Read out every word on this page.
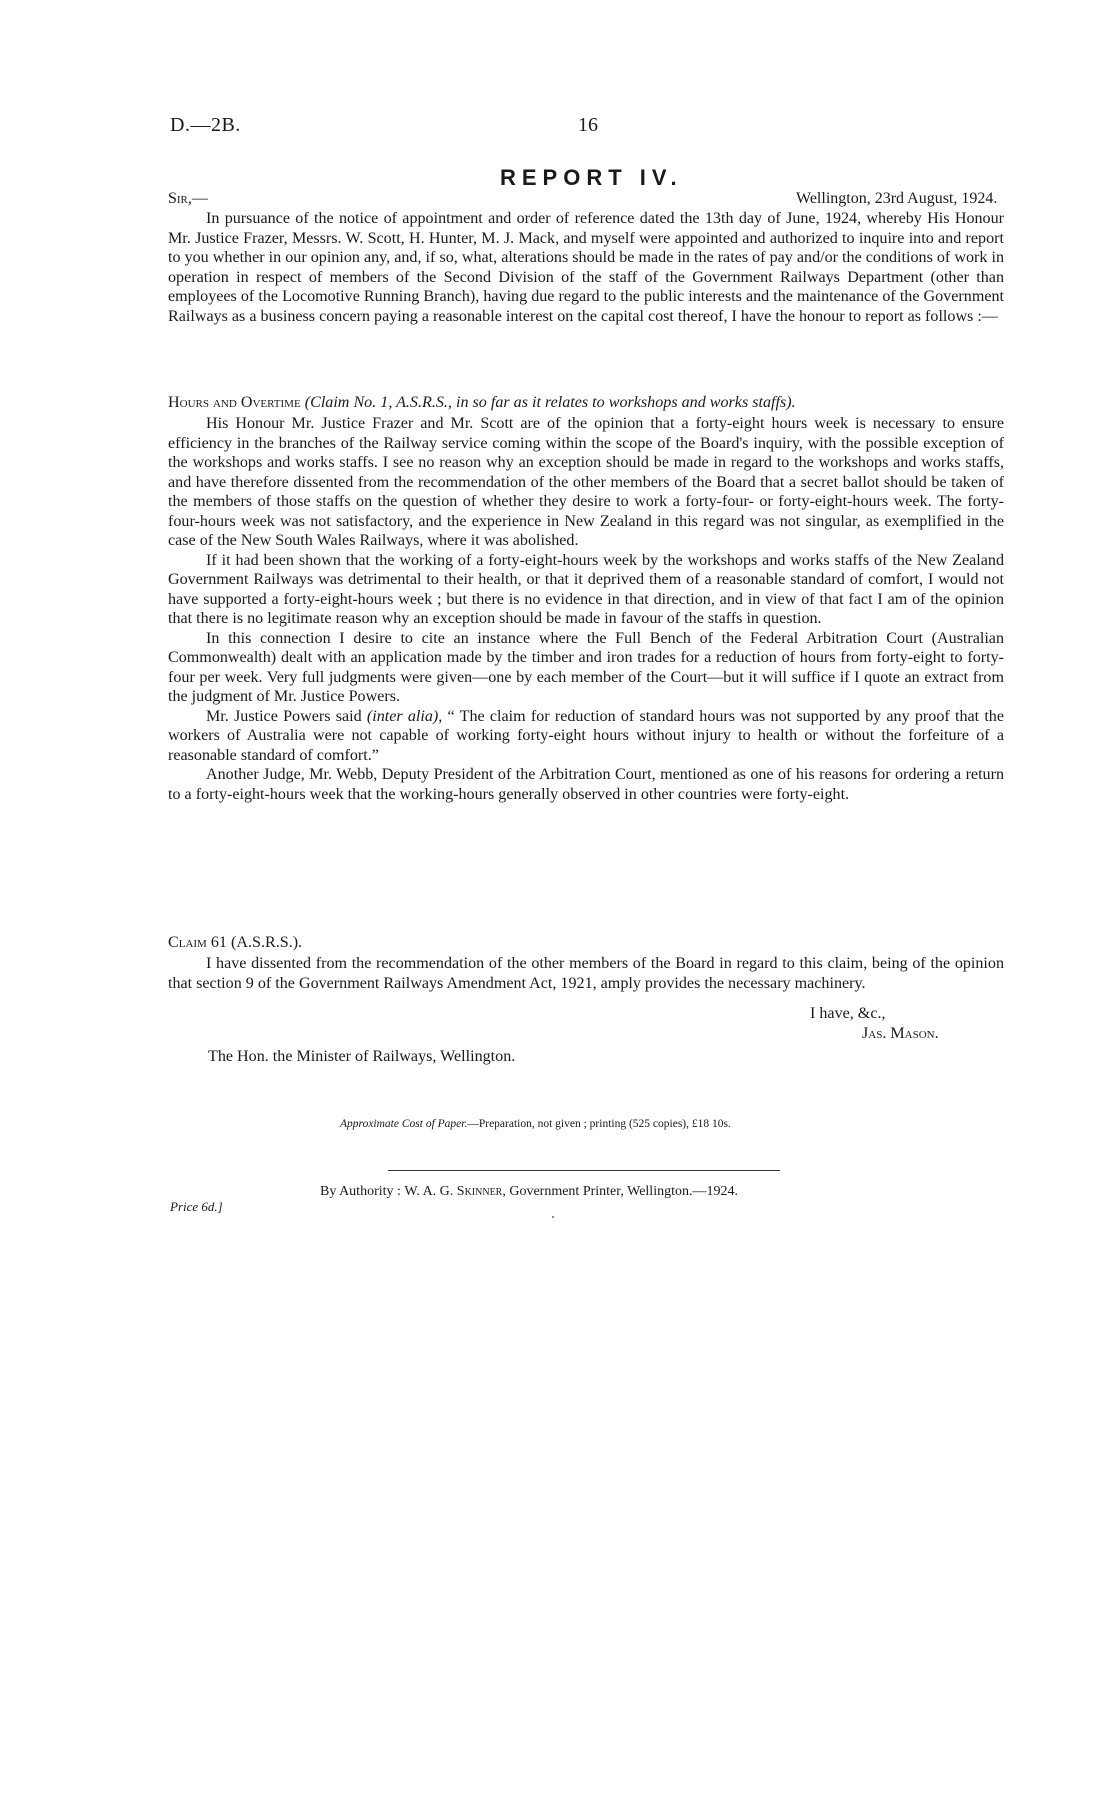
D.—2B.	16
REPORT IV.
Sir,—	Wellington, 23rd August, 1924.

In pursuance of the notice of appointment and order of reference dated the 13th day of June, 1924, whereby His Honour Mr. Justice Frazer, Messrs. W. Scott, H. Hunter, M. J. Mack, and myself were appointed and authorized to inquire into and report to you whether in our opinion any, and, if so, what, alterations should be made in the rates of pay and/or the conditions of work in operation in respect of members of the Second Division of the staff of the Government Railways Department (other than employees of the Locomotive Running Branch), having due regard to the public interests and the maintenance of the Government Railways as a business concern paying a reasonable interest on the capital cost thereof, I have the honour to report as follows :—

Hours and Overtime (Claim No. 1, A.S.R.S., in so far as it relates to workshops and works staffs).

His Honour Mr. Justice Frazer and Mr. Scott are of the opinion that a forty-eight hours week is necessary to ensure efficiency in the branches of the Railway service coming within the scope of the Board's inquiry, with the possible exception of the workshops and works staffs. I see no reason why an exception should be made in regard to the workshops and works staffs, and have therefore dissented from the recommendation of the other members of the Board that a secret ballot should be taken of the members of those staffs on the question of whether they desire to work a forty-four- or forty-eight-hours week. The forty-four-hours week was not satisfactory, and the experience in New Zealand in this regard was not singular, as exemplified in the case of the New South Wales Railways, where it was abolished.

If it had been shown that the working of a forty-eight-hours week by the workshops and works staffs of the New Zealand Government Railways was detrimental to their health, or that it deprived them of a reasonable standard of comfort, I would not have supported a forty-eight-hours week ; but there is no evidence in that direction, and in view of that fact I am of the opinion that there is no legitimate reason why an exception should be made in favour of the staffs in question.

In this connection I desire to cite an instance where the Full Bench of the Federal Arbitration Court (Australian Commonwealth) dealt with an application made by the timber and iron trades for a reduction of hours from forty-eight to forty-four per week. Very full judgments were given—one by each member of the Court—but it will suffice if I quote an extract from the judgment of Mr. Justice Powers.

Mr. Justice Powers said (inter alia), “ The claim for reduction of standard hours was not supported by any proof that the workers of Australia were not capable of working forty-eight hours without injury to health or without the forfeiture of a reasonable standard of comfort.”

Another Judge, Mr. Webb, Deputy President of the Arbitration Court, mentioned as one of his reasons for ordering a return to a forty-eight-hours week that the working-hours generally observed in other countries were forty-eight.

Claim 61 (A.S.R.S.).

I have dissented from the recommendation of the other members of the Board in regard to this claim, being of the opinion that section 9 of the Government Railways Amendment Act, 1921, amply provides the necessary machinery.

I have, &c.,
Jas. Mason.
The Hon. the Minister of Railways, Wellington.
Approximate Cost of Paper.—Preparation, not given ; printing (525 copies), £18 10s.
By Authority : W. A. G. Skinner, Government Printer, Wellington.—1924.
Price 6d.]
